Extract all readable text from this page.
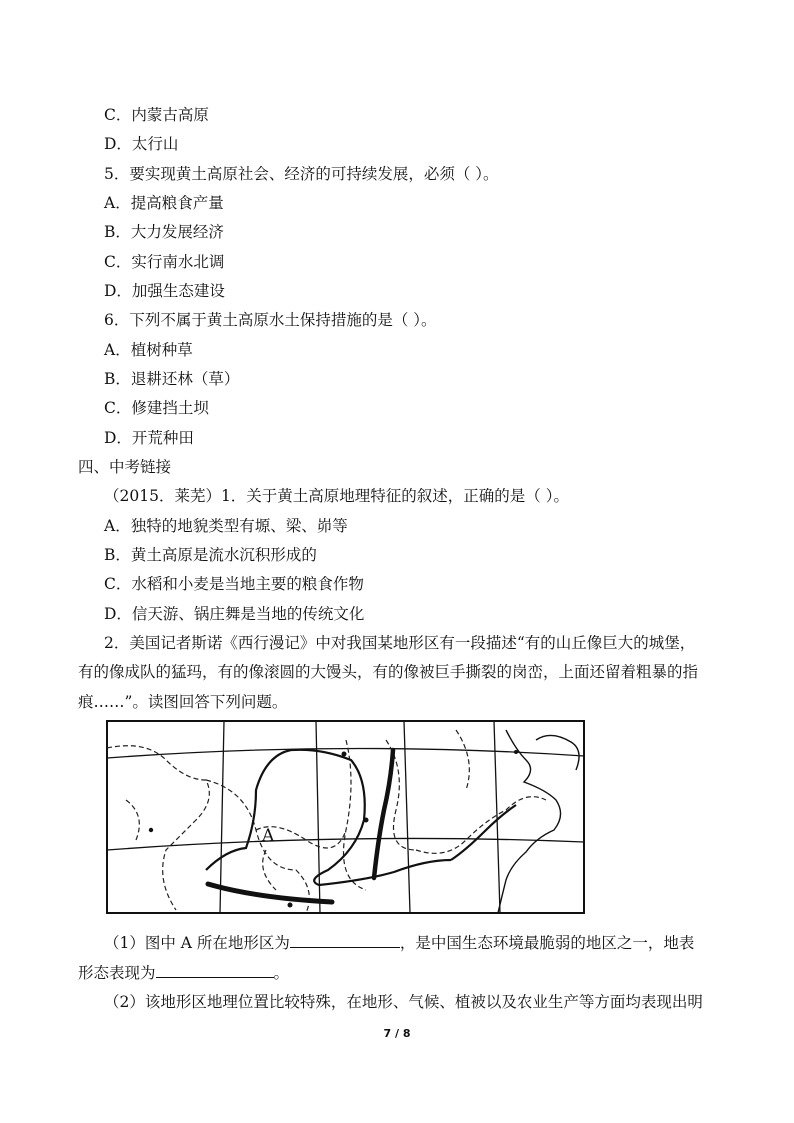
C．内蒙古高原
D．太行山
5．要实现黄土高原社会、经济的可持续发展，必须（ ）。
A．提高粮食产量
B．大力发展经济
C．实行南水北调
D．加强生态建设
6．下列不属于黄土高原水土保持措施的是（ ）。
A．植树种草
B．退耕还林（草）
C．修建挡土坝
D．开荒种田
四、中考链接
（2015．莱芜）1．关于黄土高原地理特征的叙述，正确的是（ ）。
A．独特的地貌类型有塬、梁、峁等
B．黄土高原是流水沉积形成的
C．水稻和小麦是当地主要的粮食作物
D．信天游、锅庄舞是当地的传统文化
2．美国记者斯诺《西行漫记》中对我国某地形区有一段描述“有的山丘像巨大的城堡，
有的像成队的猛玛，有的像滚圆的大馒头，有的像被巨手撕裂的岗峦，上面还留着粗暴的指
痕……”。读图回答下列问题。
A
（1）图中 A 所在地形区为	，是中国生态环境最脆弱的地区之一，地表
形态表现为	。
（2）该地形区地理位置比较特殊，在地形、气候、植被以及农业生产等方面均表现出明
7 / 8
